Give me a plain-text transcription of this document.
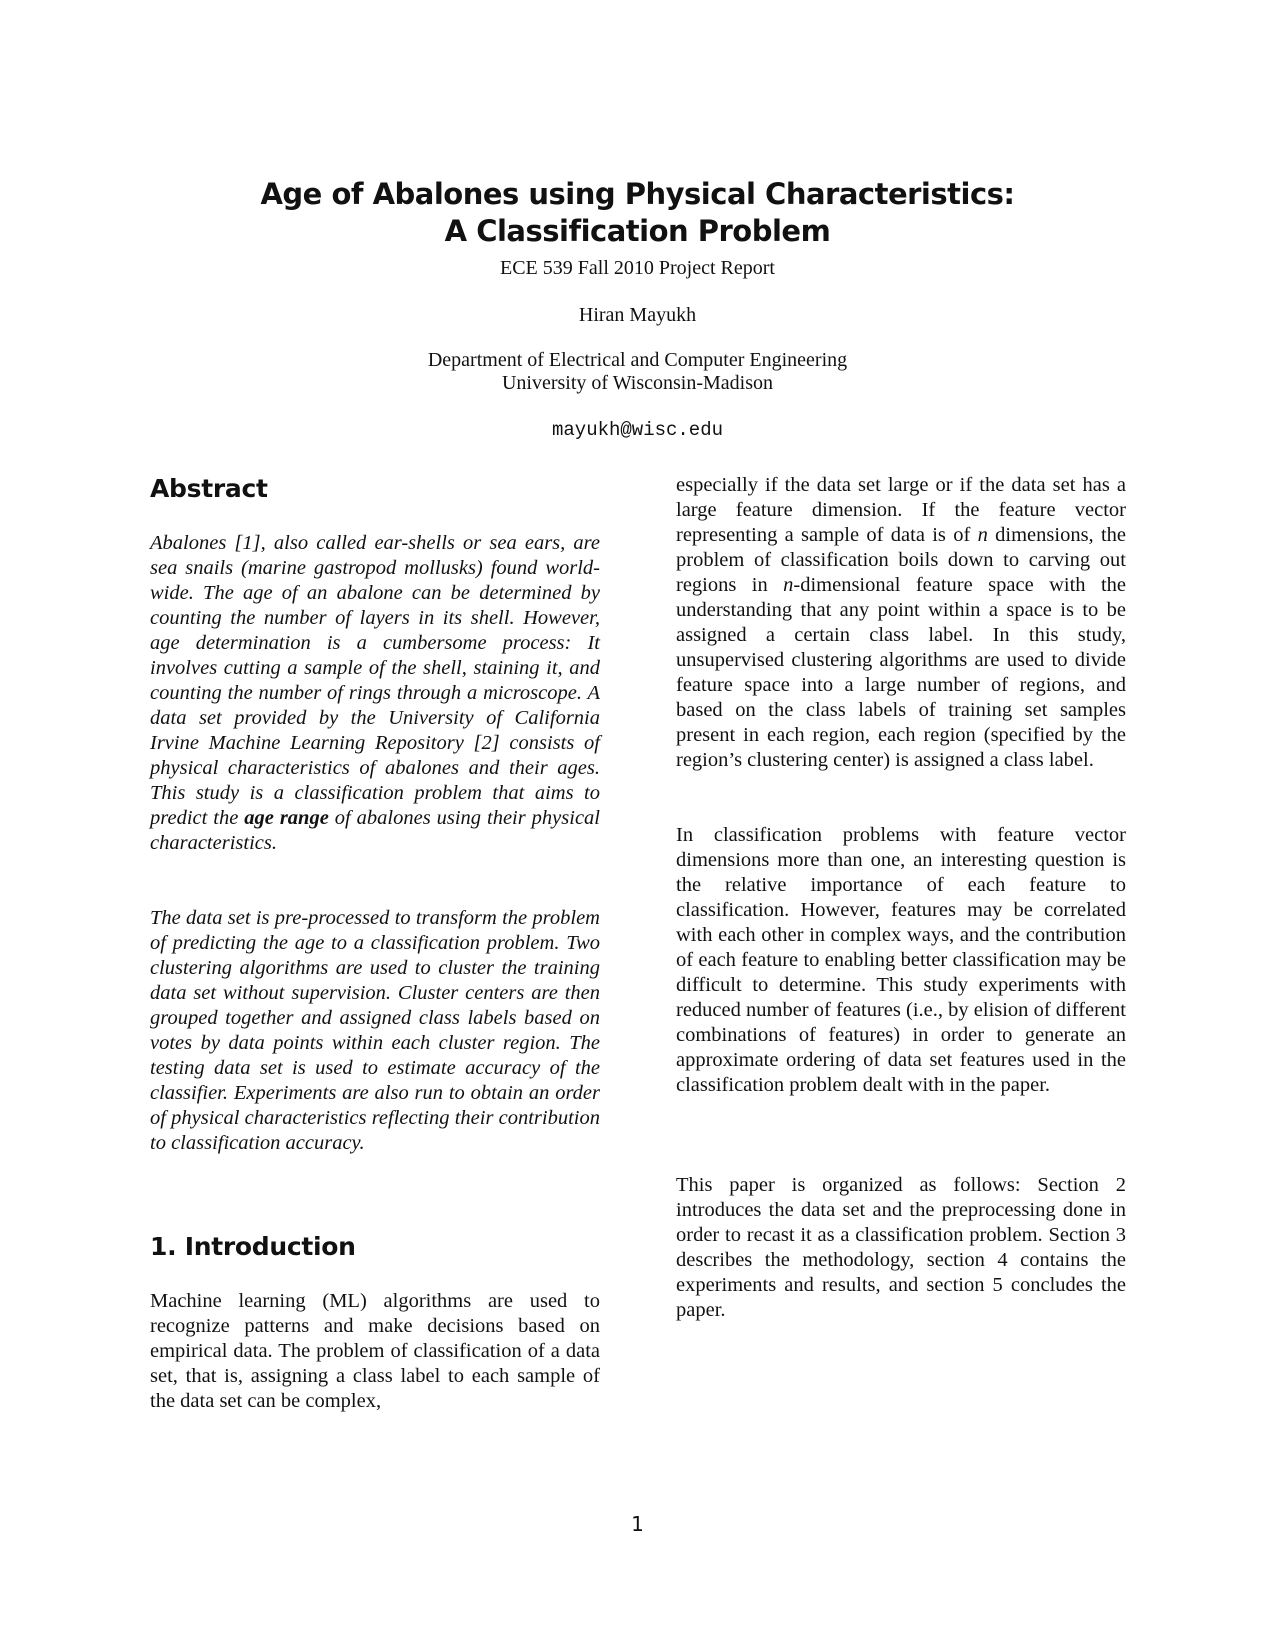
Age of Abalones using Physical Characteristics:
A Classification Problem

ECE 539 Fall 2010 Project Report

Hiran Mayukh

Department of Electrical and Computer Engineering

University of Wisconsin-Madison

mayukh@wisc.edu

Abstract

Abalones [1], also called ear-shells or sea ears, are sea snails (marine gastropod mollusks) found world-wide. The age of an abalone can be determined by counting the number of layers in its shell. However, age determination is a cumbersome process: It involves cutting a sample of the shell, staining it, and counting the number of rings through a microscope. A data set provided by the University of California Irvine Machine Learning Repository [2] consists of physical characteristics of abalones and their ages. This study is a classification problem that aims to predict the age range of abalones using their physical characteristics.

The data set is pre-processed to transform the problem of predicting the age to a classification problem. Two clustering algorithms are used to cluster the training data set without supervision. Cluster centers are then grouped together and assigned class labels based on votes by data points within each cluster region. The testing data set is used to estimate accuracy of the classifier. Experiments are also run to obtain an order of physical characteristics reflecting their contribution to classification accuracy.

1. Introduction

Machine learning (ML) algorithms are used to recognize patterns and make decisions based on empirical data. The problem of classification of a data set, that is, assigning a class label to each sample of the data set can be complex,

especially if the data set large or if the data set has a large feature dimension. If the feature vector representing a sample of data is of n dimensions, the problem of classification boils down to carving out regions in n-dimensional feature space with the understanding that any point within a space is to be assigned a certain class label. In this study, unsupervised clustering algorithms are used to divide feature space into a large number of regions, and based on the class labels of training set samples present in each region, each region (specified by the region’s clustering center) is assigned a class label.

In classification problems with feature vector dimensions more than one, an interesting question is the relative importance of each feature to classification. However, features may be correlated with each other in complex ways, and the contribution of each feature to enabling better classification may be difficult to determine. This study experiments with reduced number of features (i.e., by elision of different combinations of features) in order to generate an approximate ordering of data set features used in the classification problem dealt with in the paper.

This paper is organized as follows: Section 2 introduces the data set and the preprocessing done in order to recast it as a classification problem. Section 3 describes the methodology, section 4 contains the experiments and results, and section 5 concludes the paper.

1
